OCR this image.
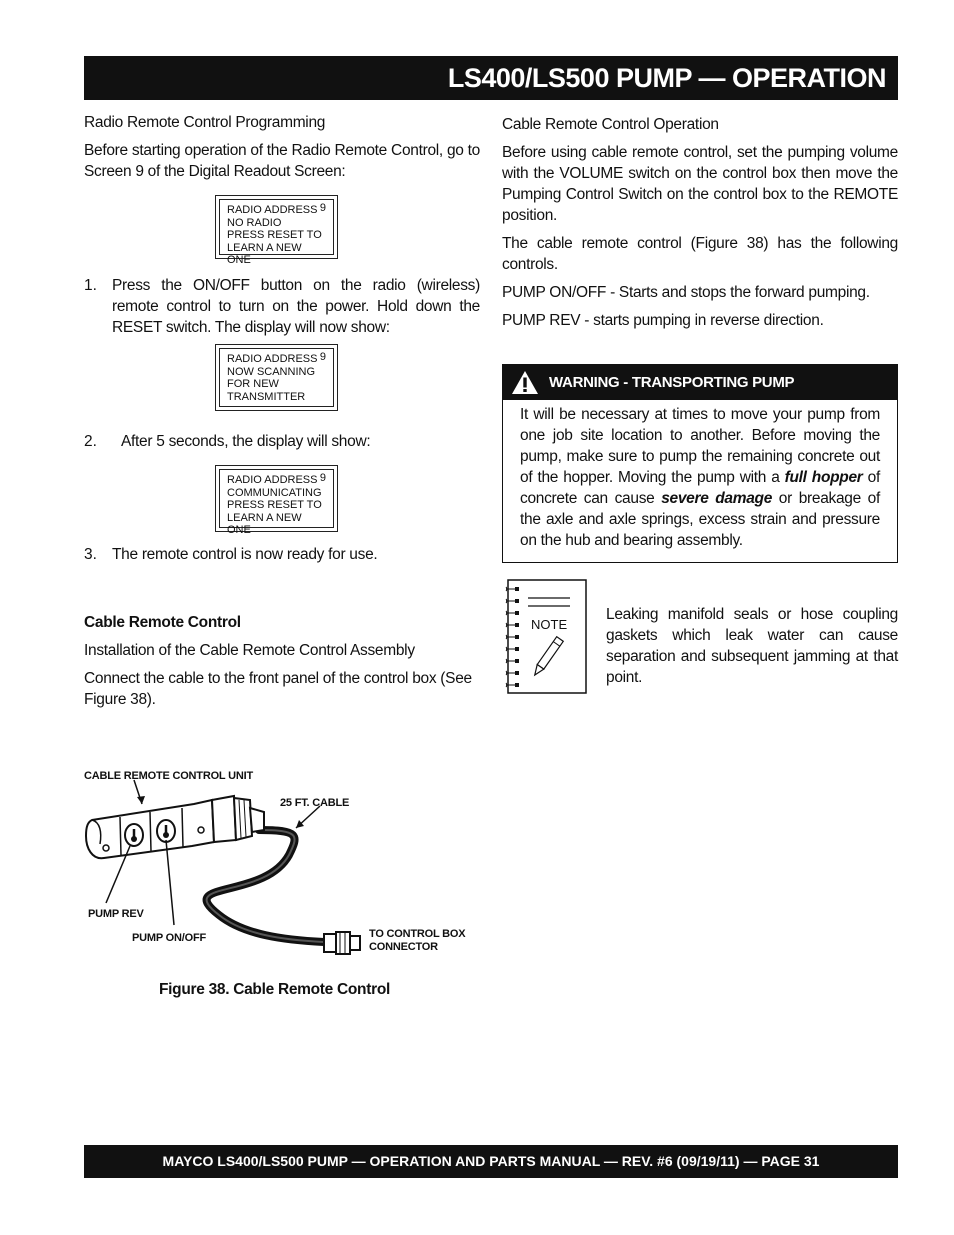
LS400/LS500 PUMP — OPERATION
Radio Remote Control Programming
Before starting operation of the Radio Remote Control, go to Screen 9 of the Digital Readout Screen:
9
RADIO ADDRESS
NO RADIO
PRESS RESET TO
LEARN A NEW ONE
1. Press the ON/OFF button on the radio (wireless) remote control to turn on the power. Hold down the RESET switch. The display will now show:
9
RADIO ADDRESS
NOW SCANNING
FOR NEW
TRANSMITTER
2. After 5 seconds, the display will show:
9
RADIO ADDRESS
COMMUNICATING
PRESS RESET TO
LEARN A NEW ONE
3. The remote control is now ready for use.
Cable Remote Control
Installation of the Cable Remote Control Assembly
Connect the cable to the front panel of the control box (See Figure 38).
Cable Remote Control Operation
Before using cable remote control, set the pumping volume with the VOLUME switch on the control box then move the Pumping Control Switch on the control box to the REMOTE position.
The cable remote control (Figure 38) has the following controls.
PUMP ON/OFF - Starts and stops the forward pumping.
PUMP REV - starts pumping in reverse direction.
WARNING - TRANSPORTING PUMP
It will be necessary at times to move your pump from one job site location to another. Before moving the pump, make sure to pump the remaining concrete out of the hopper. Moving the pump with a full hopper of concrete can cause severe damage or breakage of the axle and axle springs, excess strain and pressure on the hub and bearing assembly.
NOTE
Leaking manifold seals or hose coupling gaskets which leak water can cause separation and subsequent jamming at that point.
CABLE REMOTE CONTROL UNIT
25 FT. CABLE
PUMP REV
PUMP ON/OFF	TO CONTROL BOX
CONNECTOR
Figure 38. Cable Remote Control
MAYCO LS400/LS500 PUMP — OPERATION AND PARTS MANUAL — REV. #6 (09/19/11) — PAGE 31
